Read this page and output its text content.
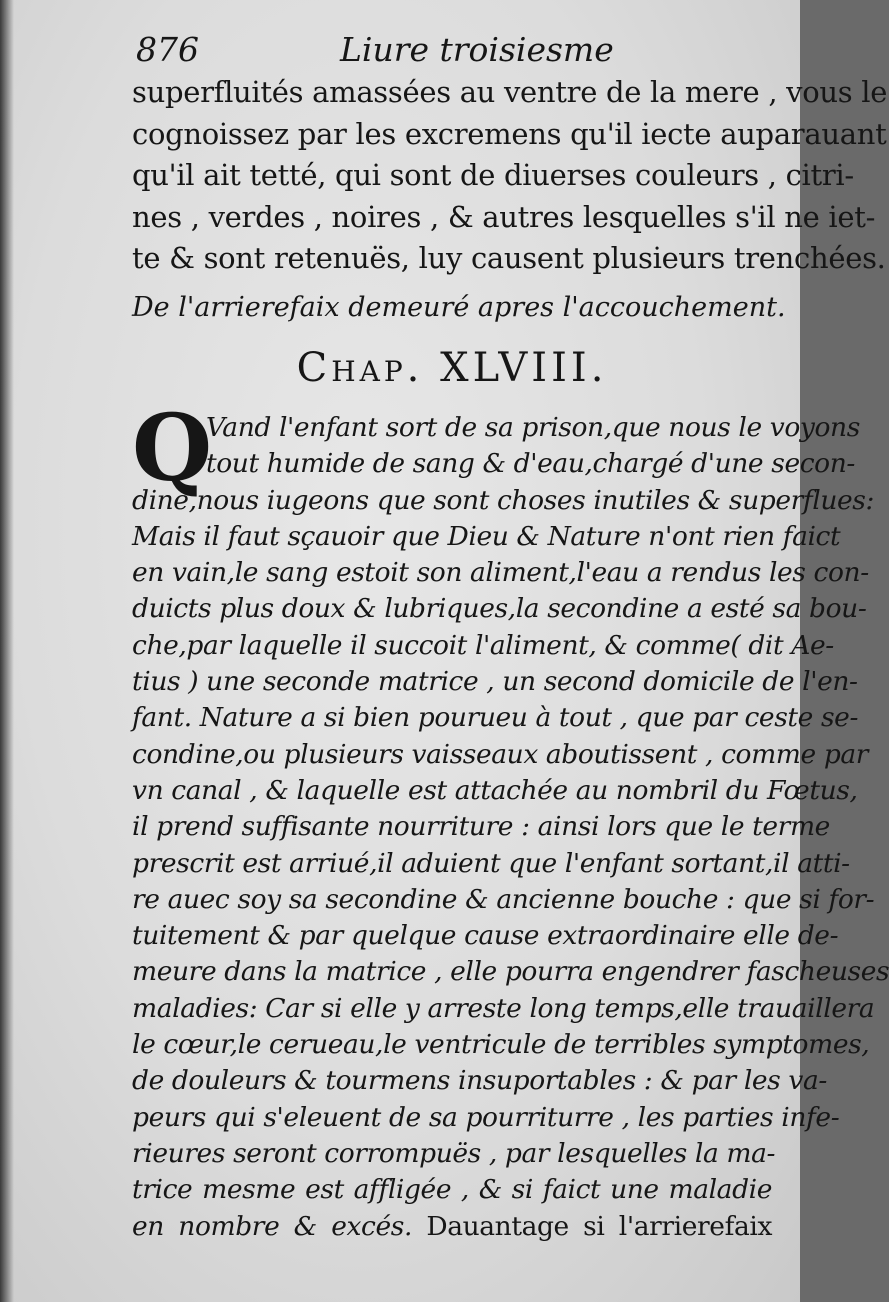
876	Liure troisiesme
superfluités amassées au ventre de la mere , vous le
cognoissez par les excremens qu'il iecte auparauant
qu'il ait tetté, qui sont de diuerses couleurs , citri-
nes , verdes , noires , & autres lesquelles s'il ne iet-
te & sont retenuës, luy causent plusieurs trenchées.
De l'arrierefaix demeuré apres l'accouchement.
Chap. XLVIII.
Q
Vand l'enfant sort de sa prison,que nous le voyons
tout humide de sang & d'eau,chargé d'une secon-
dine,nous iugeons que sont choses inutiles & superflues:
Mais il faut sçauoir que Dieu & Nature n'ont rien faict
en vain,le sang estoit son aliment,l'eau a rendus les con-
duicts plus doux & lubriques,la secondine a esté sa bou-
che,par laquelle il succoit l'aliment, & comme( dit Ae-
tius ) une seconde matrice , un second domicile de l'en-
fant. Nature a si bien pourueu à tout , que par ceste se-
condine,ou plusieurs vaisseaux aboutissent , comme par
vn canal , & laquelle est attachée au nombril du Fœtus,
il prend suffisante nourriture : ainsi lors que le terme
prescrit est arriué,il aduient que l'enfant sortant,il atti-
re auec soy sa secondine & ancienne bouche : que si for-
tuitement & par quelque cause extraordinaire elle de-
meure dans la matrice , elle pourra engendrer fascheuses
maladies: Car si elle y arreste long temps,elle trauaillera
le cœur,le cerueau,le ventricule de terribles symptomes,
de douleurs & tourmens insuportables : & par les va-
peurs qui s'eleuent de sa pourriturre , les parties infe-
rieures seront corrompuës , par lesquelles la ma-
trice mesme est affligée , & si faict une maladie
en nombre & excés. Dauantage si l'arrierefaix
